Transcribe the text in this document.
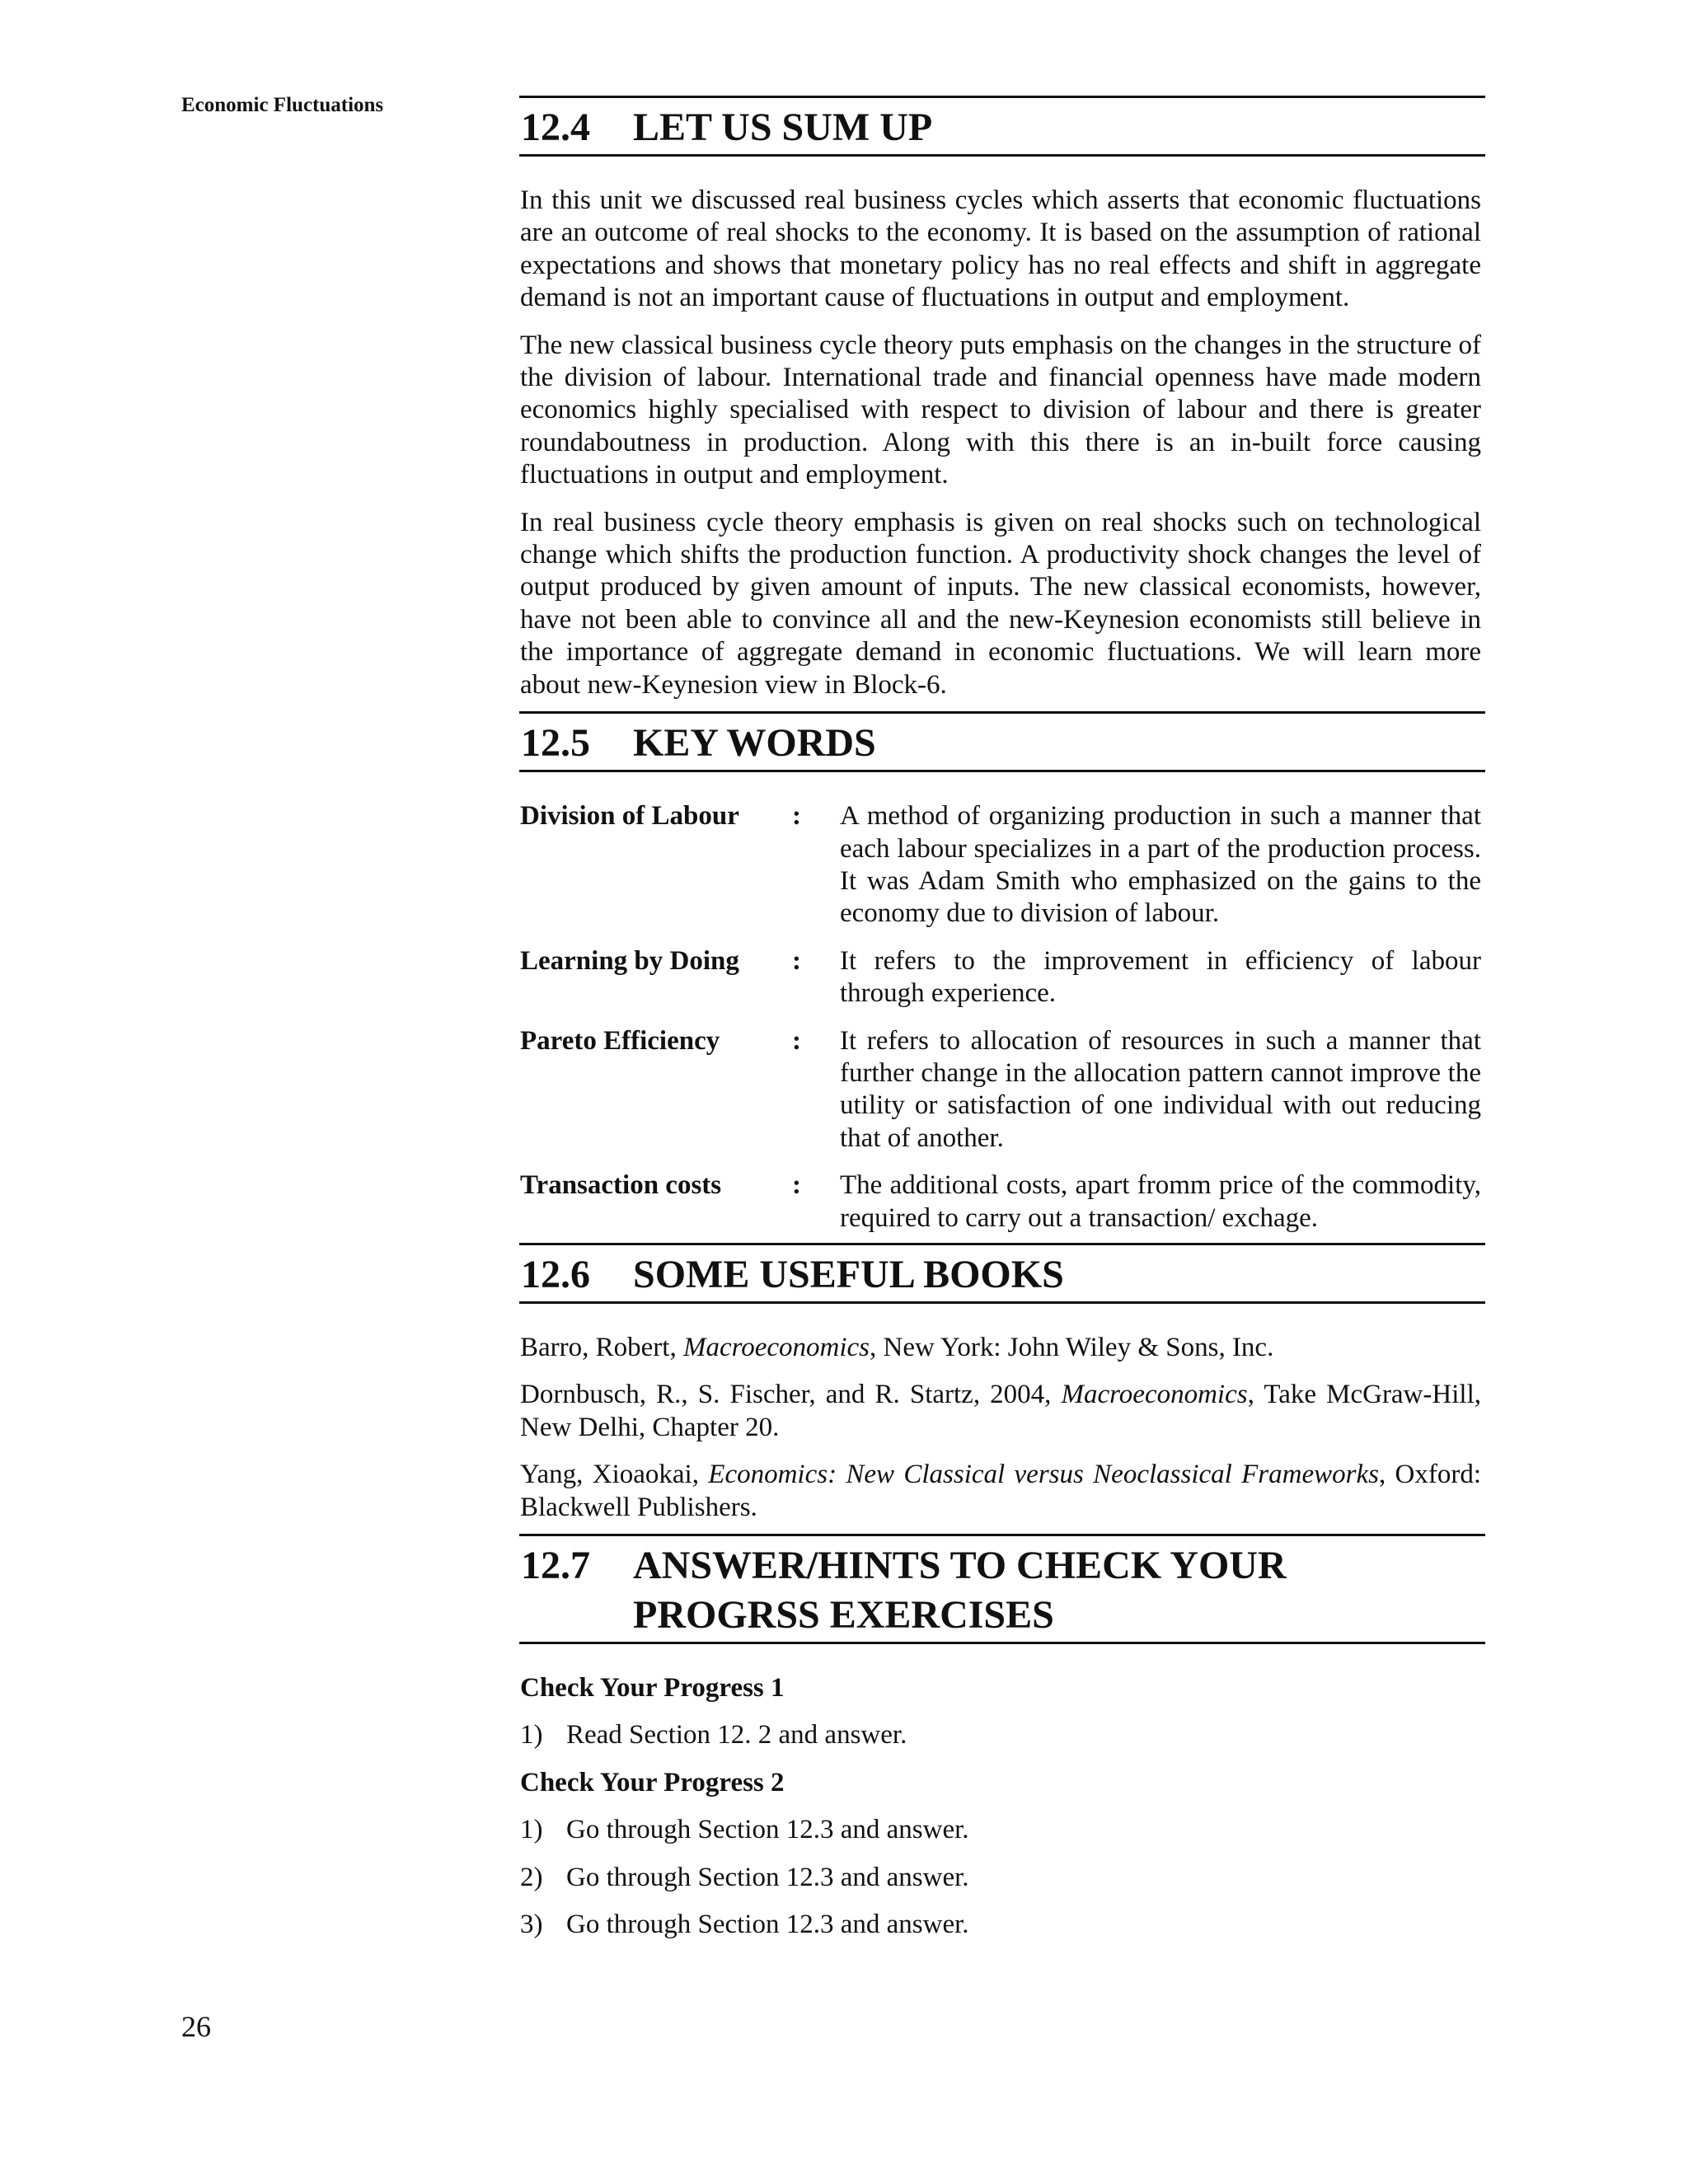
Economic Fluctuations
12.4	LET US SUM UP

In this unit we discussed real business cycles which asserts that economic fluctuations are an outcome of real shocks to the economy. It is based on the assumption of rational expectations and shows that monetary policy has no real effects and shift in aggregate demand is not an important cause of fluctuations in output and employment.

The new classical business cycle theory puts emphasis on the changes in the structure of the division of labour. International trade and financial openness have made modern economics highly specialised with respect to division of labour and there is greater roundaboutness in production. Along with this there is an in-built force causing fluctuations in output and employment.

In real business cycle theory emphasis is given on real shocks such on technological change which shifts the production function. A productivity shock changes the level of output produced by given amount of inputs. The new classical economists, however, have not been able to convince all and the new-Keynesion economists still believe in the importance of aggregate demand in economic fluctuations. We will learn more about new-Keynesion view in Block-6.

12.5	KEY WORDS
Division of Labour	:	A method of organizing production in such a manner that each labour specializes in a part of the production process. It was Adam Smith who emphasized on the gains to the economy due to division of labour.
Learning by Doing	:	It refers to the improvement in efficiency of labour through experience.
Pareto Efficiency	:	It refers to allocation of resources in such a manner that further change in the allocation pattern cannot improve the utility or satisfaction of one individual with out reducing that of another.
Transaction costs	:	The additional costs, apart fromm price of the commodity, required to carry out a transaction/ exchage.
12.6	SOME USEFUL BOOKS

Barro, Robert, Macroeconomics, New York: John Wiley & Sons, Inc.

Dornbusch, R., S. Fischer, and R. Startz, 2004, Macroeconomics, Take McGraw-Hill, New Delhi, Chapter 20.

Yang, Xioaokai, Economics: New Classical versus Neoclassical Frameworks, Oxford: Blackwell Publishers.

12.7	ANSWER/HINTS TO CHECK YOUR
PROGRSS EXERCISES
Check Your Progress 1
1) Read Section 12. 2 and answer.
Check Your Progress 2
1) Go through Section 12.3 and answer.
2) Go through Section 12.3 and answer.
3) Go through Section 12.3 and answer.
26
